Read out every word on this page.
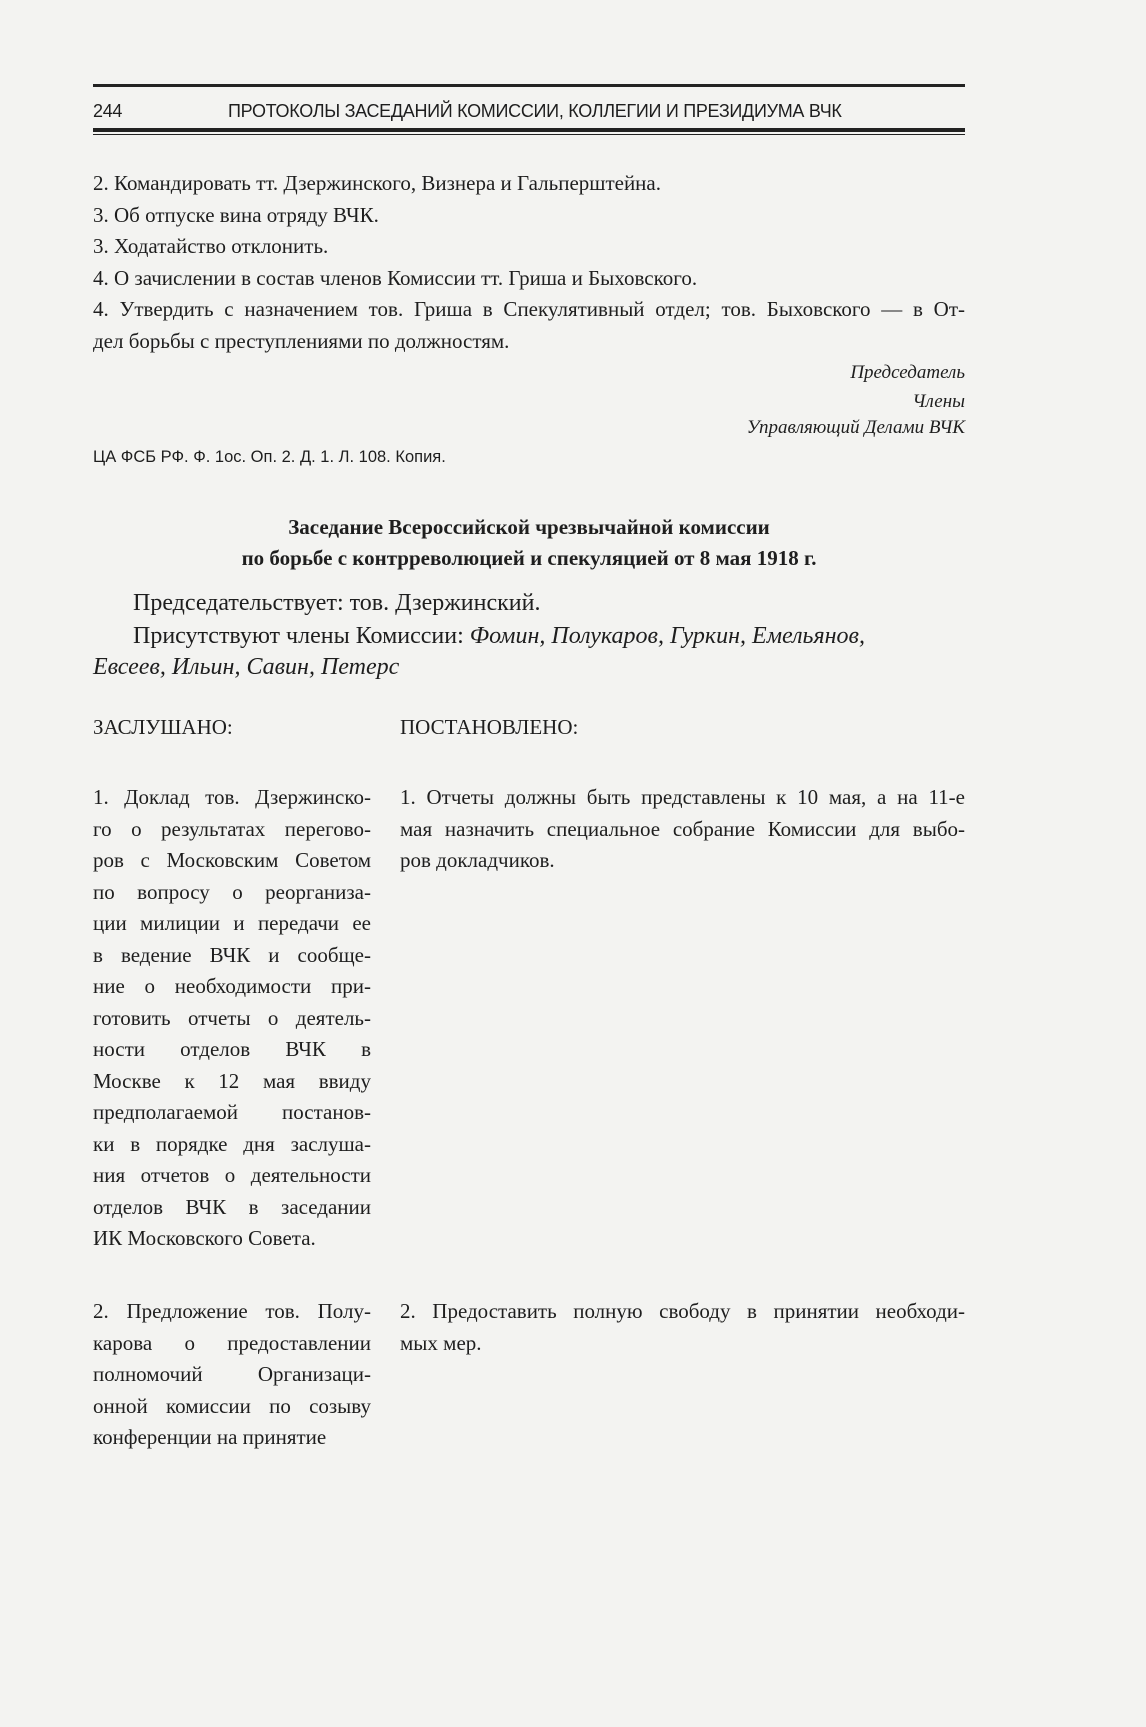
244	ПРОТОКОЛЫ ЗАСЕДАНИЙ КОМИССИИ, КОЛЛЕГИИ И ПРЕЗИДИУМА ВЧК
2. Командировать тт. Дзержинского, Визнера и Гальперштейна.
3. Об отпуске вина отряду ВЧК.
3. Ходатайство отклонить.
4. О зачислении в состав членов Комиссии тт. Гриша и Быховского.
4. Утвердить с назначением тов. Гриша в Спекулятивный отдел; тов. Быховского — в От-
дел борьбы с преступлениями по должностям.
Председатель
Члены
Управляющий Делами ВЧК
ЦА ФСБ РФ. Ф. 1ос. Оп. 2. Д. 1. Л. 108. Копия.
Заседание Всероссийской чрезвычайной комиссии
по борьбе с контрреволюцией и спекуляцией от 8 мая 1918 г.
Председательствует: тов. Дзержинский.
Присутствуют члены Комиссии: Фомин, Полукаров, Гуркин, Емельянов,
Евсеев, Ильин, Савин, Петерс
ЗАСЛУШАНО:	ПОСТАНОВЛЕНО:
1. Доклад тов. Дзержинско-
го о результатах перегово-
ров с Московским Советом
по вопросу о реорганиза-
ции милиции и передачи ее
в ведение ВЧК и сообще-
ние о необходимости при-
готовить отчеты о деятель-
ности отделов ВЧК в
Москве к 12 мая ввиду
предполагаемой постанов-
ки в порядке дня заслуша-
ния отчетов о деятельности
отделов ВЧК в заседании
ИК Московского Совета.
1. Отчеты должны быть представлены к 10 мая, а на 11-е
мая назначить специальное собрание Комиссии для выбо-
ров докладчиков.
2. Предложение тов. Полу-
карова о предоставлении
полномочий Организаци-
онной комиссии по созыву
конференции на принятие
2. Предоставить полную свободу в принятии необходи-
мых мер.
